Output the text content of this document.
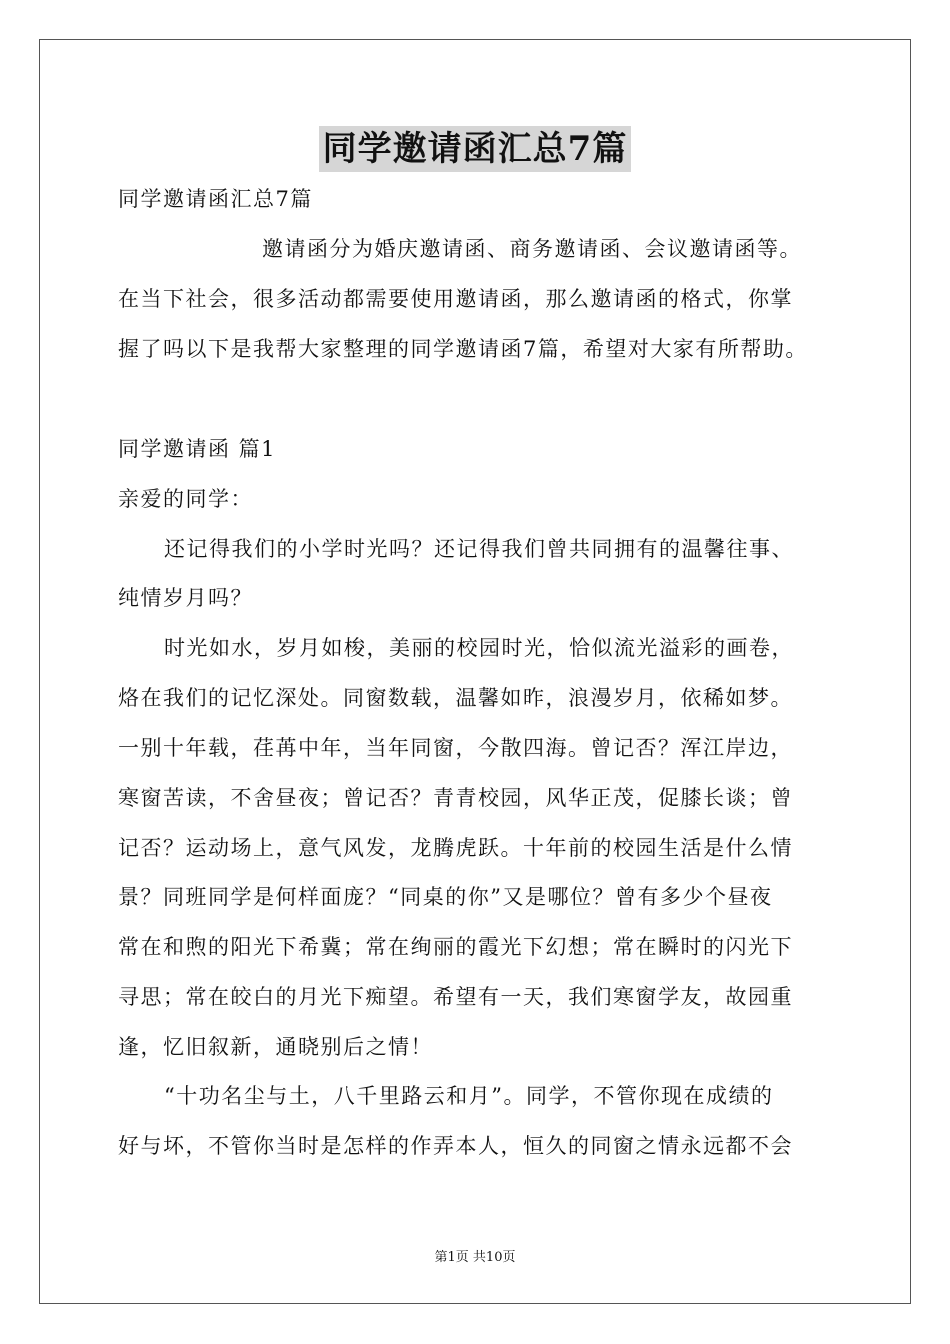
同学邀请函汇总7篇
同学邀请函汇总7篇
邀请函分为婚庆邀请函、商务邀请函、会议邀请函等。
在当下社会，很多活动都需要使用邀请函，那么邀请函的格式，你掌
握了吗以下是我帮大家整理的同学邀请函7篇，希望对大家有所帮助。
同学邀请函 篇1
亲爱的同学：
还记得我们的小学时光吗？还记得我们曾共同拥有的温馨往事、
纯情岁月吗？
时光如水，岁月如梭，美丽的校园时光，恰似流光溢彩的画卷，
烙在我们的记忆深处。同窗数载，温馨如昨，浪漫岁月，依稀如梦。
一别十年载，荏苒中年，当年同窗，今散四海。曾记否？浑江岸边，
寒窗苦读，不舍昼夜；曾记否？青青校园，风华正茂，促膝长谈；曾
记否？运动场上，意气风发，龙腾虎跃。十年前的校园生活是什么情
景？同班同学是何样面庞？“同桌的你”又是哪位？曾有多少个昼夜
常在和煦的阳光下希冀；常在绚丽的霞光下幻想；常在瞬时的闪光下
寻思；常在皎白的月光下痴望。希望有一天，我们寒窗学友，故园重
逢，忆旧叙新，通晓别后之情！
“十功名尘与土，八千里路云和月”。同学，不管你现在成绩的
好与坏，不管你当时是怎样的作弄本人，恒久的同窗之情永远都不会
第1页 共10页
